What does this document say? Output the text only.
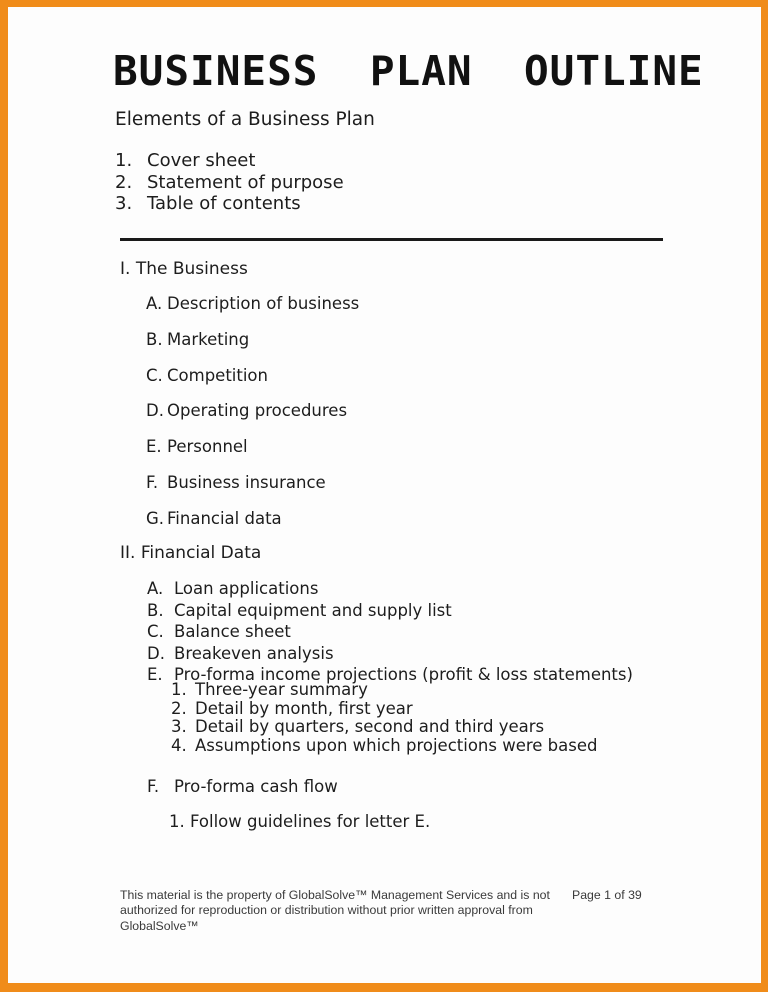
BUSINESS  PLAN  OUTLINE
Elements of a Business Plan
1. Cover sheet
2. Statement of purpose
3. Table of contents
I. The Business
A. Description of business
B. Marketing
C. Competition
D. Operating procedures
E. Personnel
F. Business insurance
G. Financial data
II. Financial Data
A. Loan applications
B. Capital equipment and supply list
C. Balance sheet
D. Breakeven analysis
E. Pro-forma income projections (profit & loss statements)
1. Three-year summary
2. Detail by month, first year
3. Detail by quarters, second and third years
4. Assumptions upon which projections were based
F. Pro-forma cash flow
1. Follow guidelines for letter E.
This material is the property of GlobalSolve™ Management Services and is not authorized for reproduction or distribution without prior written approval from GlobalSolve™
Page 1 of 39
